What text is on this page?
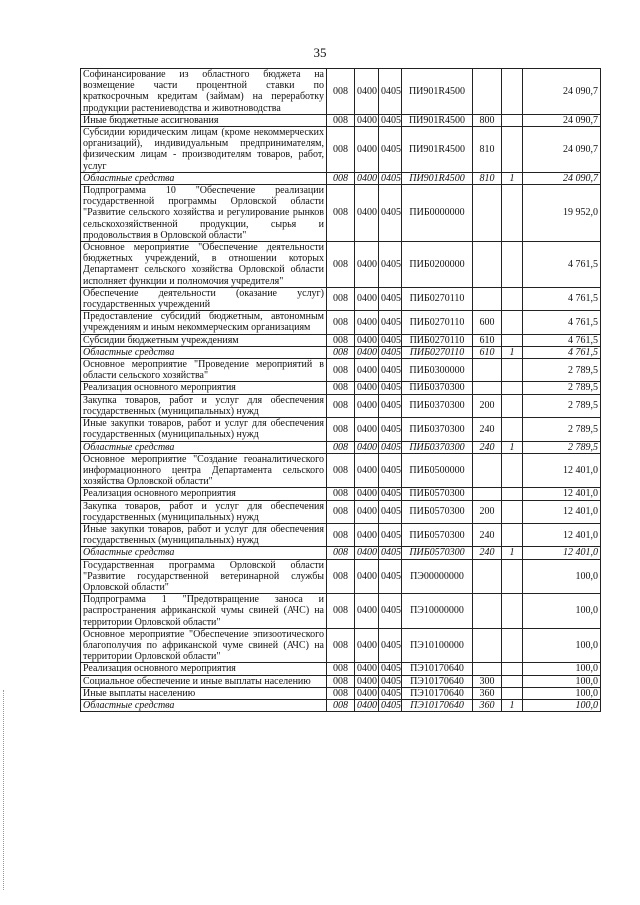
35
Софинансирование из областного бюджета на возмещение части процентной ставки по краткосрочным кредитам (займам) на переработку продукции растениеводства и животноводства	008	0400	0405	ПИ901R4500			24 090,7
Иные бюджетные ассигнования	008	0400	0405	ПИ901R4500	800		24 090,7
Субсидии юридическим лицам (кроме некоммерческих организаций), индивидуальным предпринимателям, физическим лицам - производителям товаров, работ, услуг	008	0400	0405	ПИ901R4500	810		24 090,7
Областные средства	008	0400	0405	ПИ901R4500	810	1	24 090,7
Подпрограмма 10 "Обеспечение реализации государственной программы Орловской области "Развитие сельского хозяйства и регулирование рынков сельскохозяйственной продукции, сырья и продовольствия в Орловской области"	008	0400	0405	ПИБ0000000			19 952,0
Основное мероприятие "Обеспечение деятельности бюджетных учреждений, в отношении которых Департамент сельского хозяйства Орловской области исполняет функции и полномочия учредителя"	008	0400	0405	ПИБ0200000			4 761,5
Обеспечение деятельности (оказание услуг) государственных учреждений	008	0400	0405	ПИБ0270110			4 761,5
Предоставление субсидий бюджетным, автономным учреждениям и иным некоммерческим организациям	008	0400	0405	ПИБ0270110	600		4 761,5
Субсидии бюджетным учреждениям	008	0400	0405	ПИБ0270110	610		4 761,5
Областные средства	008	0400	0405	ПИБ0270110	610	1	4 761,5
Основное мероприятие "Проведение мероприятий в области сельского хозяйства"	008	0400	0405	ПИБ0300000			2 789,5
Реализация основного мероприятия	008	0400	0405	ПИБ0370300			2 789,5
Закупка товаров, работ и услуг для обеспечения государственных (муниципальных) нужд	008	0400	0405	ПИБ0370300	200		2 789,5
Иные закупки товаров, работ и услуг для обеспечения государственных (муниципальных) нужд	008	0400	0405	ПИБ0370300	240		2 789,5
Областные средства	008	0400	0405	ПИБ0370300	240	1	2 789,5
Основное мероприятие "Создание геоаналитического информационного центра Департамента сельского хозяйства Орловской области"	008	0400	0405	ПИБ0500000			12 401,0
Реализация основного мероприятия	008	0400	0405	ПИБ0570300			12 401,0
Закупка товаров, работ и услуг для обеспечения государственных (муниципальных) нужд	008	0400	0405	ПИБ0570300	200		12 401,0
Иные закупки товаров, работ и услуг для обеспечения государственных (муниципальных) нужд	008	0400	0405	ПИБ0570300	240		12 401,0
Областные средства	008	0400	0405	ПИБ0570300	240	1	12 401,0
Государственная программа Орловской области "Развитие государственной ветеринарной службы Орловской области"	008	0400	0405	ПЭ00000000			100,0
Подпрограмма 1 "Предотвращение заноса и распространения африканской чумы свиней (АЧС) на территории Орловской области"	008	0400	0405	ПЭ10000000			100,0
Основное мероприятие "Обеспечение эпизоотического благополучия по африканской чуме свиней (АЧС) на территории Орловской области"	008	0400	0405	ПЭ10100000			100,0
Реализация основного мероприятия	008	0400	0405	ПЭ10170640			100,0
Социальное обеспечение и иные выплаты населению	008	0400	0405	ПЭ10170640	300		100,0
Иные выплаты населению	008	0400	0405	ПЭ10170640	360		100,0
Областные средства	008	0400	0405	ПЭ10170640	360	1	100,0
